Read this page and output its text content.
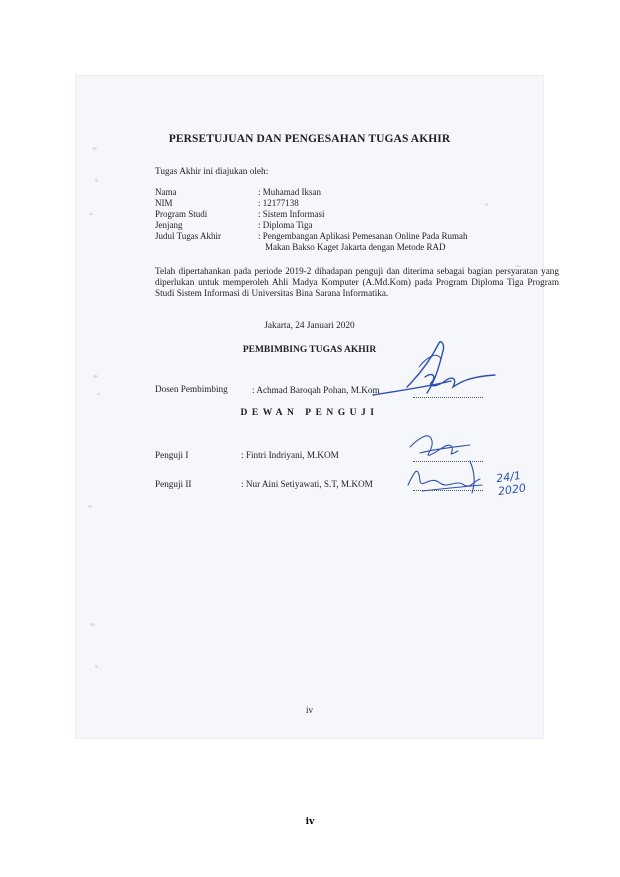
PERSETUJUAN DAN PENGESAHAN TUGAS AKHIR
Tugas Akhir ini diajukan oleh:
Nama	: Muhamad Iksan
NIM	: 12177138
Program Studi	: Sistem Informasi
Jenjang	: Diploma Tiga
Judul Tugas Akhir	: Pengembangan Aplikasi Pemesanan Online Pada Rumah
Makan Bakso Kaget Jakarta dengan Metode RAD
Telah dipertahankan pada periode 2019-2 dihadapan penguji dan diterima sebagai bagian persyaratan yang diperlukan untuk memperoleh Ahli Madya Komputer (A.Md.Kom) pada Program Diploma Tiga Program Studi Sistem Informasi di Universitas Bina Sarana Informatika.
Jakarta, 24 Januari 2020
PEMBIMBING TUGAS AKHIR
Dosen Pembimbing	: Achmad Baroqah Pohan, M.Kom
DEWAN PENGUJI
Penguji I	: Fintri Indriyani, M.KOM
Penguji II	: Nur Aini Setiyawati, S.T, M.KOM	24/1 2020
iv
iv
